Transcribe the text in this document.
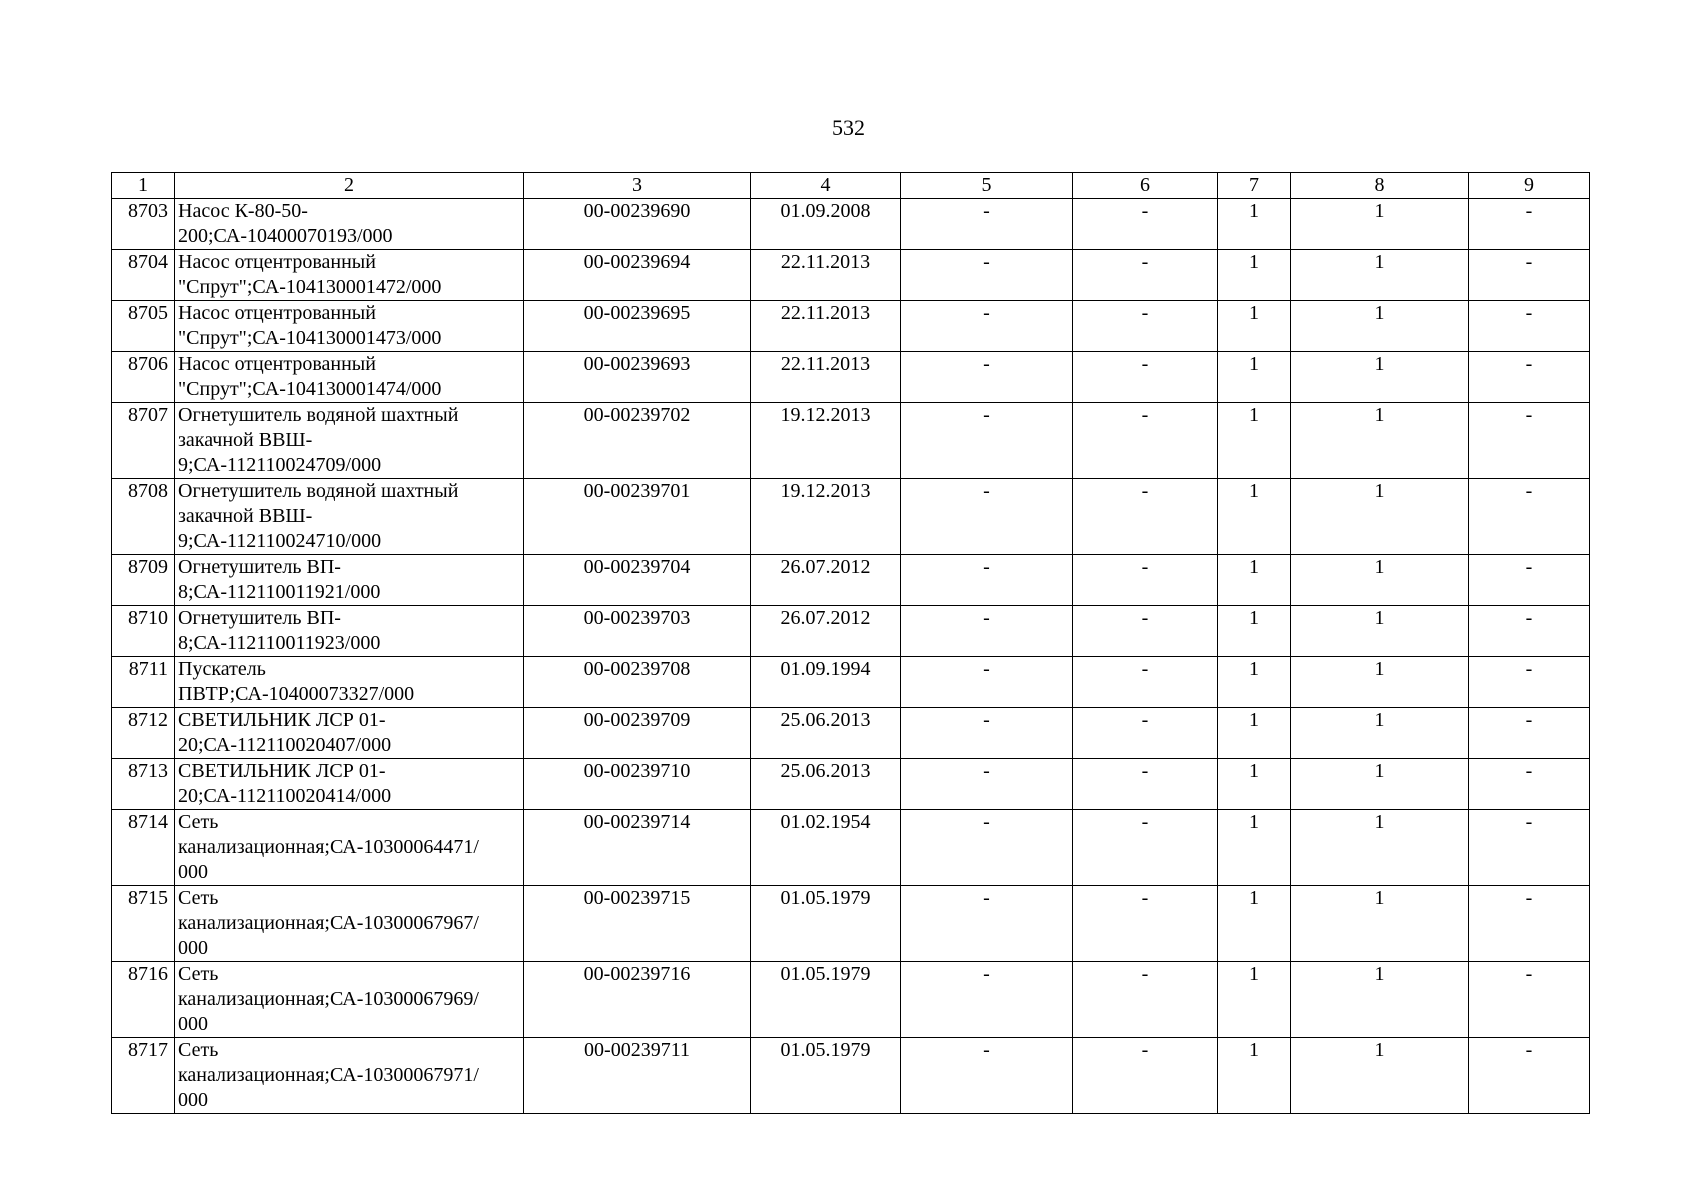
532
1	2	3	4	5	6	7	8	9
8703	Насос К-80-50-
200;СА-10400070193/000	00-00239690	01.09.2008	-	-	1	1	-
8704	Насос отцентрованный
"Спрут";СА-104130001472/000	00-00239694	22.11.2013	-	-	1	1	-
8705	Насос отцентрованный
"Спрут";СА-104130001473/000	00-00239695	22.11.2013	-	-	1	1	-
8706	Насос отцентрованный
"Спрут";СА-104130001474/000	00-00239693	22.11.2013	-	-	1	1	-
8707	Огнетушитель водяной шахтный
закачной ВВШ-
9;СА-112110024709/000	00-00239702	19.12.2013	-	-	1	1	-
8708	Огнетушитель водяной шахтный
закачной ВВШ-
9;СА-112110024710/000	00-00239701	19.12.2013	-	-	1	1	-
8709	Огнетушитель ВП-
8;СА-112110011921/000	00-00239704	26.07.2012	-	-	1	1	-
8710	Огнетушитель ВП-
8;СА-112110011923/000	00-00239703	26.07.2012	-	-	1	1	-
8711	Пускатель
ПВТР;СА-10400073327/000	00-00239708	01.09.1994	-	-	1	1	-
8712	СВЕТИЛЬНИК ЛСР 01-
20;СА-112110020407/000	00-00239709	25.06.2013	-	-	1	1	-
8713	СВЕТИЛЬНИК ЛСР 01-
20;СА-112110020414/000	00-00239710	25.06.2013	-	-	1	1	-
8714	Сеть
канализационная;СА-10300064471/
000	00-00239714	01.02.1954	-	-	1	1	-
8715	Сеть
канализационная;СА-10300067967/
000	00-00239715	01.05.1979	-	-	1	1	-
8716	Сеть
канализационная;СА-10300067969/
000	00-00239716	01.05.1979	-	-	1	1	-
8717	Сеть
канализационная;СА-10300067971/
000	00-00239711	01.05.1979	-	-	1	1	-
